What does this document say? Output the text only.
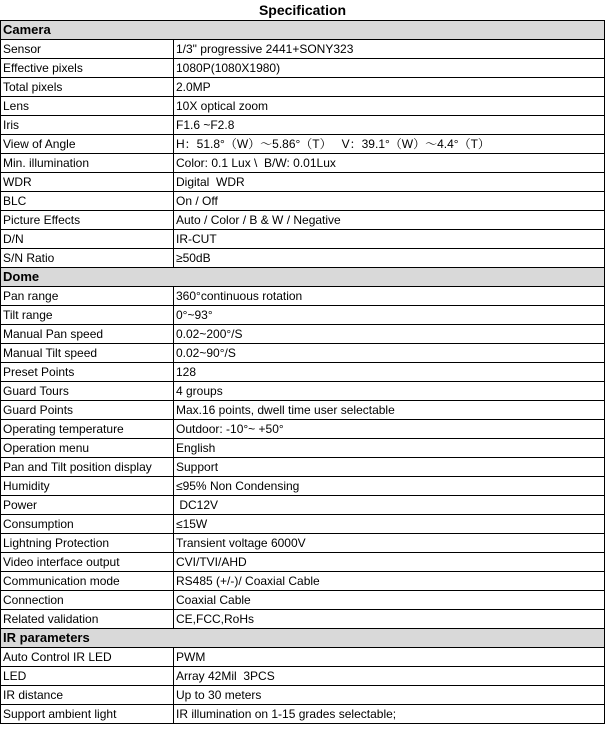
Specification	
Camera	
Sensor	1/3" progressive 2441+SONY323
Effective pixels	1080P(1080X1980)
Total pixels	2.0MP
Lens	10X optical zoom
Iris	F1.6 ~F2.8
View of Angle	H：51.8°（W）～5.86°（T）   V：39.1°（W）～4.4°（T）
Min. illumination	Color: 0.1 Lux \  B/W: 0.01Lux
WDR	Digital  WDR
BLC	On / Off
Picture Effects	Auto / Color / B & W / Negative
D/N	IR-CUT
S/N Ratio	≥50dB
Dome	
Pan range	360°continuous rotation
Tilt range	0°~93°
Manual Pan speed	0.02~200°/S
Manual Tilt speed	0.02~90°/S
Preset Points	128
Guard Tours	4 groups
Guard Points	Max.16 points, dwell time user selectable
Operating temperature	Outdoor: -10°~ +50°
Operation menu	English
Pan and Tilt position display	Support
Humidity	≤95% Non Condensing
Power	DC12V
Consumption	≤15W
Lightning Protection	Transient voltage 6000V
Video interface output	CVI/TVI/AHD
Communication mode	RS485 (+/-)/ Coaxial Cable
Connection	Coaxial Cable
Related validation	CE,FCC,RoHs
IR parameters	
Auto Control IR LED	PWM
LED	Array 42Mil  3PCS
IR distance	Up to 30 meters
Support ambient light	IR illumination on 1-15 grades selectable;
